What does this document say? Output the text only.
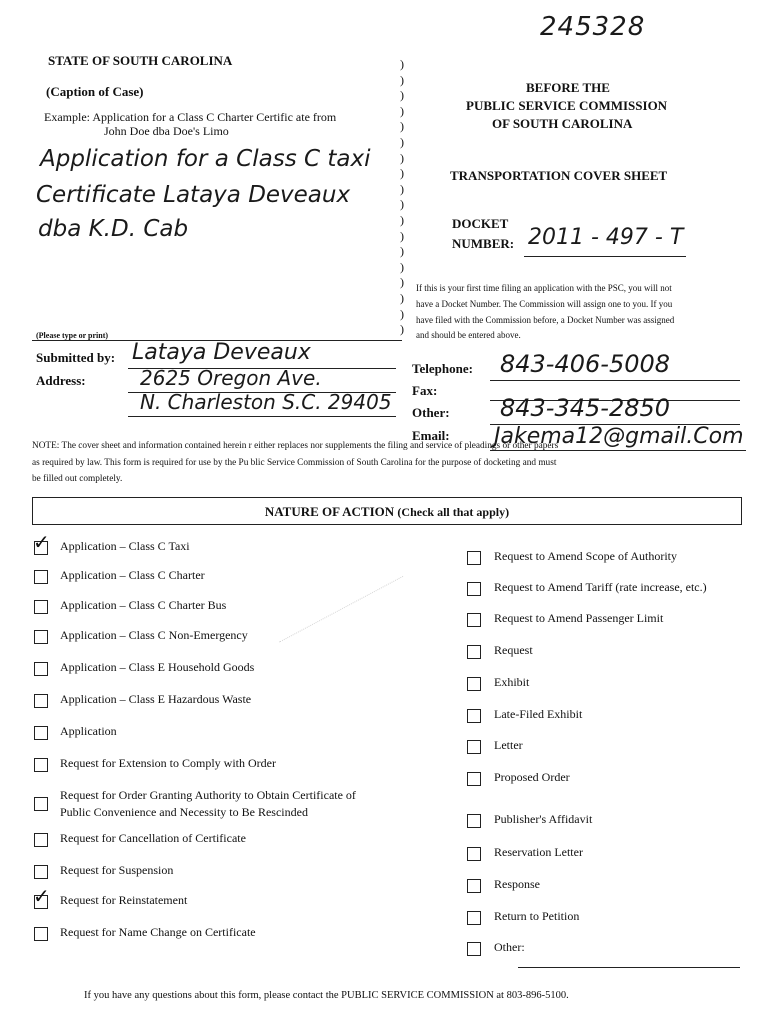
245328
STATE OF SOUTH CAROLINA
(Caption of Case)
Example: Application for a Class C Charter Certific ate from
John Doe dba Doe's Limo
Application for a Class C taxi
Certificate Lataya Deveaux
dba K.D. Cab
)
)
)
)
)
)
)
)
)
)
)
)
)
)
)
)
)
)
BEFORE THE
PUBLIC SERVICE COMMISSION
OF SOUTH CAROLINA
TRANSPORTATION COVER SHEET
DOCKET
NUMBER: 2011 - 497 - T
If this is your first time filing an application with the PSC, you will not
have a Docket Number. The Commission will assign one to you. If you
have filed with the Commission before, a Docket Number was assigned
and should be entered above.
(Please type or print)
Submitted by: Lataya Deveaux
Address:	2625 Oregon Ave.
N. Charleston S.C. 29405
Telephone: 843-406-5008
Fax:
Other: 843-345-2850
Email: Jakema12@gmail.Com
NOTE: The cover sheet and information contained herein r either replaces nor supplements the filing and service of pleadings or other papers
as required by law. This form is required for use by the Pu blic Service Commission of South Carolina for the purpose of docketing and must
be filled out completely.
NATURE OF ACTION (Check all that apply)
✓ Application – Class C Taxi
Application – Class C Charter
Application – Class C Charter Bus
Application – Class C Non-Emergency
Application – Class E Household Goods
Application – Class E Hazardous Waste
Application
Request for Extension to Comply with Order
Request for Order Granting Authority to Obtain Certificate of
Public Convenience and Necessity to Be Rescinded
Request for Cancellation of Certificate
Request for Suspension
✓ Request for Reinstatement
Request for Name Change on Certificate
Request to Amend Scope of Authority
Request to Amend Tariff (rate increase, etc.)
Request to Amend Passenger Limit
Request
Exhibit
Late-Filed Exhibit
Letter
Proposed Order
Publisher's Affidavit
Reservation Letter
Response
Return to Petition
Other:
If you have any questions about this form, please contact the PUBLIC SERVICE COMMISSION at 803-896-5100.
